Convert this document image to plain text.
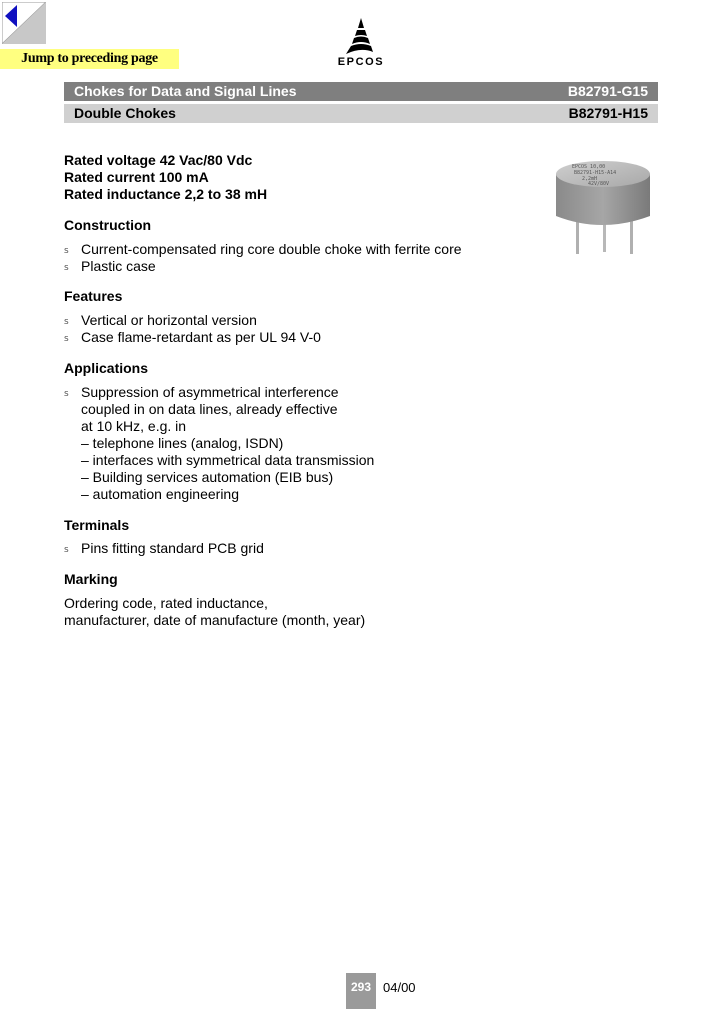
Jump to preceding page	EPCOS
Chokes for Data and Signal Lines	B82791-G15
Double Chokes	B82791-H15
Rated voltage 42 Vac/80 Vdc
Rated current 100 mA
Rated inductance 2,2 to 38 mH
Construction
s Current-compensated ring core double choke with ferrite core
s Plastic case
Features
s Vertical or horizontal version
s Case flame-retardant as per UL 94 V-0
Applications
s Suppression of asymmetrical interference
coupled in on data lines, already effective
at 10 kHz, e.g. in
– telephone lines (analog, ISDN)
– interfaces with symmetrical data transmission
– Building services automation (EIB bus)
– automation engineering
Terminals
s Pins fitting standard PCB grid
Marking
Ordering code, rated inductance,
manufacturer, date of manufacture (month, year)
EPCOS 10,00
B82791-H15-A14
2,2mH
42V/80V
293 04/00
